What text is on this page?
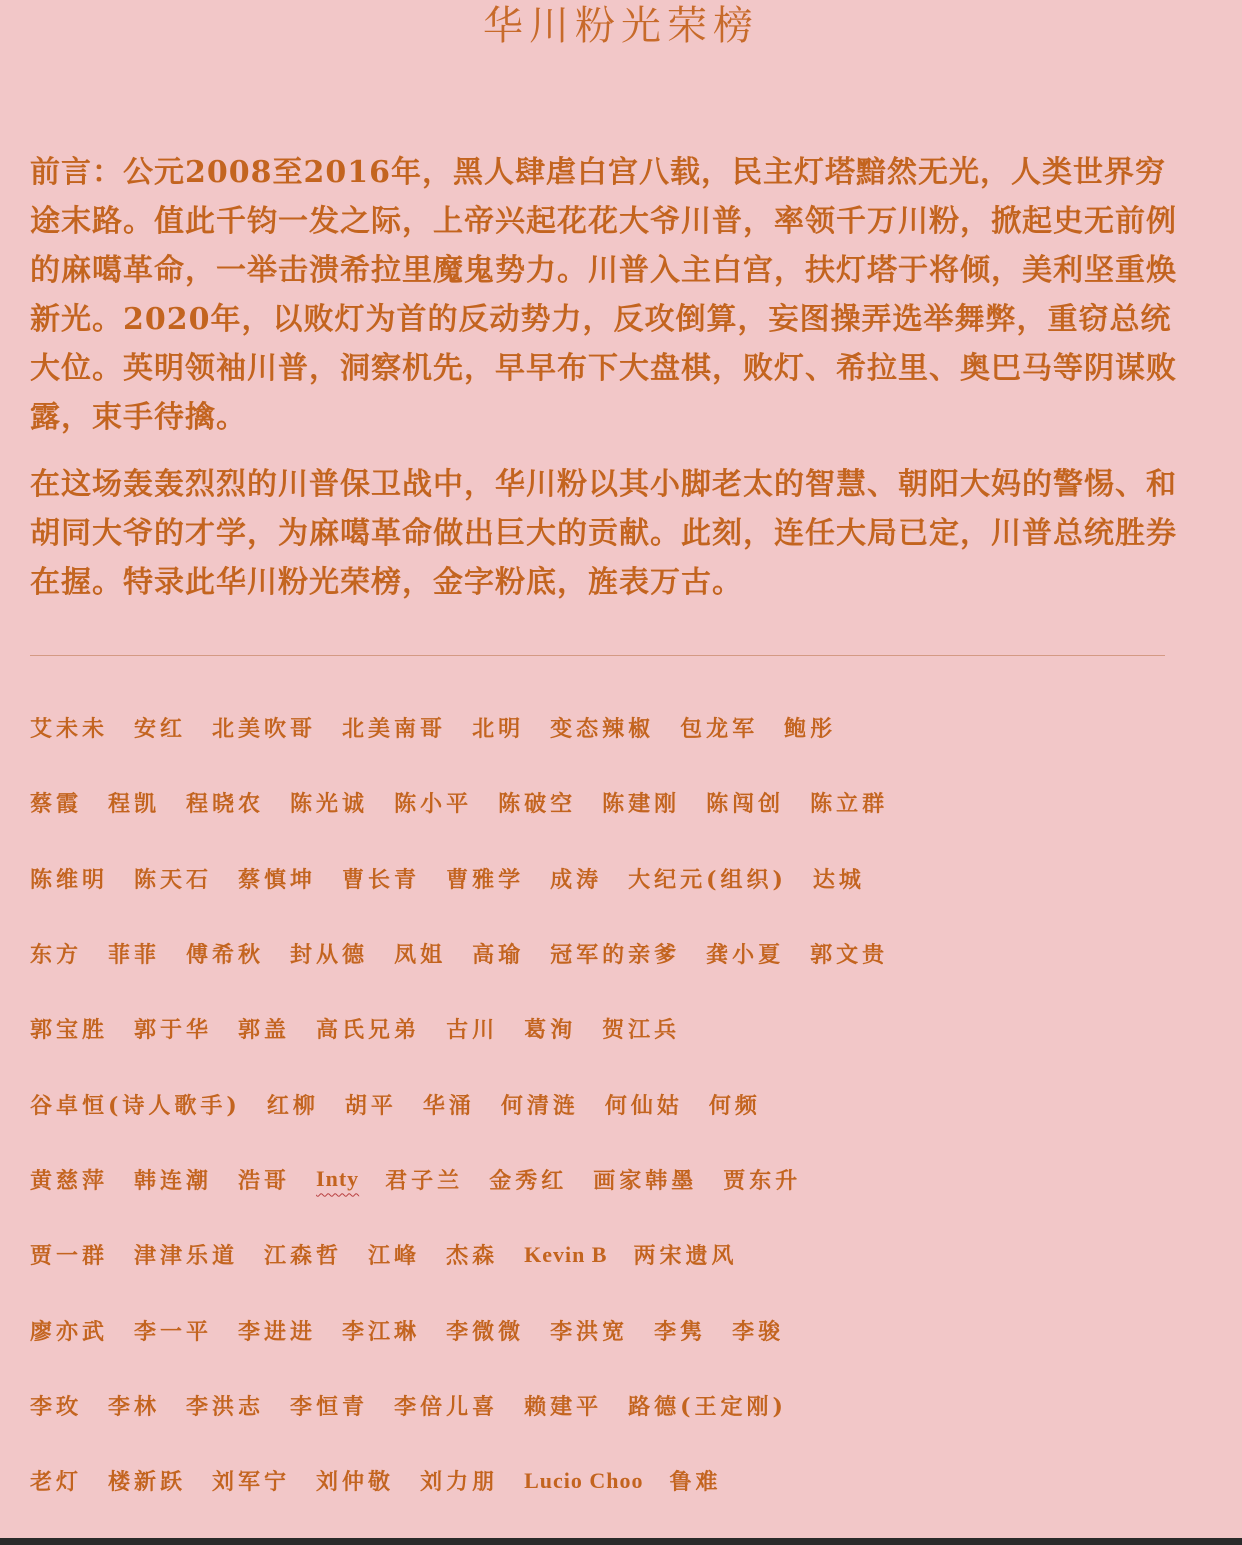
华川粉光荣榜

前言：公元2008至2016年，黑人肆虐白宫八载，民主灯塔黯然无光，人类世界穷途末路。值此千钧一发之际，上帝兴起花花大爷川普，率领千万川粉，掀起史无前例的麻噶革命，一举击溃希拉里魔鬼势力。川普入主白宫，扶灯塔于将倾，美利坚重焕新光。2020年，以败灯为首的反动势力，反攻倒算，妄图操弄选举舞弊，重窃总统大位。英明领袖川普，洞察机先，早早布下大盘棋，败灯、希拉里、奥巴马等阴谋败露，束手待擒。

在这场轰轰烈烈的川普保卫战中，华川粉以其小脚老太的智慧、朝阳大妈的警惕、和胡同大爷的才学，为麻噶革命做出巨大的贡献。此刻，连任大局已定，川普总统胜券在握。特录此华川粉光荣榜，金字粉底，旌表万古。

艾未未 安红 北美吹哥 北美南哥 北明 变态辣椒 包龙军 鲍彤
蔡霞 程凯 程晓农 陈光诚 陈小平 陈破空 陈建刚 陈闯创 陈立群
陈维明 陈天石 蔡慎坤 曹长青 曹雅学 成涛 大纪元(组织) 达城
东方 菲菲 傅希秋 封从德 凤姐 高瑜 冠军的亲爹 龚小夏 郭文贵
郭宝胜 郭于华 郭盖 高氏兄弟 古川 葛洵 贺江兵
谷卓恒(诗人歌手) 红柳 胡平 华涌 何清涟 何仙姑 何频
黄慈萍 韩连潮 浩哥 Inty 君子兰 金秀红 画家韩墨 贾东升
贾一群 津津乐道 江森哲 江峰 杰森 Kevin B 两宋遗风
廖亦武 李一平 李进进 李江琳 李微微 李洪宽 李隽 李骏
李玫 李林 李洪志 李恒青 李倍儿喜 赖建平 路德(王定刚)
老灯 楼新跃 刘军宁 刘仲敬 刘力朋 Lucio Choo 鲁难
